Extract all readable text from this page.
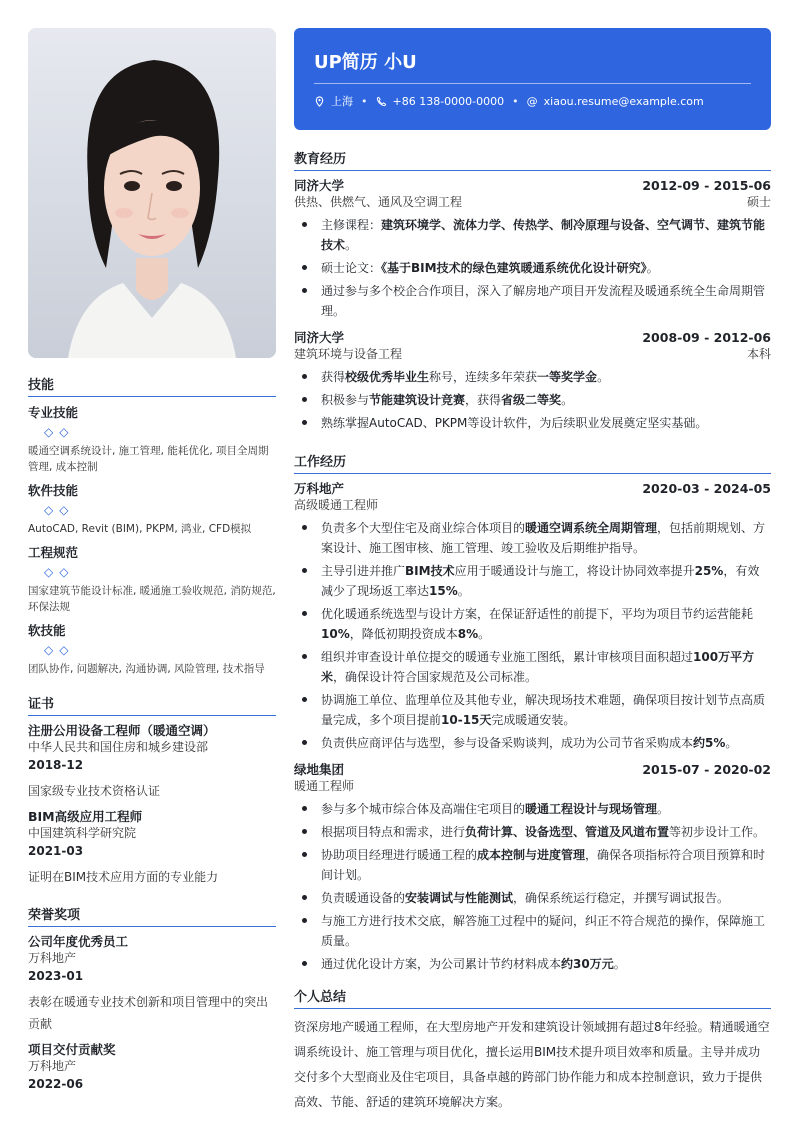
技能
专业技能
◇ ◇
暖通空调系统设计, 施工管理, 能耗优化, 项目全周期管理, 成本控制
软件技能
◇ ◇
AutoCAD, Revit (BIM), PKPM, 鸿业, CFD模拟
工程规范
◇ ◇
国家建筑节能设计标准, 暖通施工验收规范, 消防规范, 环保法规
软技能
◇ ◇
团队协作, 问题解决, 沟通协调, 风险管理, 技术指导
证书
注册公用设备工程师（暖通空调）
中华人民共和国住房和城乡建设部
2018-12
国家级专业技术资格认证
BIM高级应用工程师
中国建筑科学研究院
2021-03
证明在BIM技术应用方面的专业能力
荣誉奖项
公司年度优秀员工
万科地产
2023-01
表彰在暖通专业技术创新和项目管理中的突出贡献
项目交付贡献奖
万科地产
2022-06
UP简历 小U
上海 • +86 138-0000-0000 • @ xiaou.resume@example.com
教育经历
同济大学	2012-09 - 2015-06
供热、供燃气、通风及空调工程	硕士
主修课程：建筑环境学、流体力学、传热学、制冷原理与设备、空气调节、建筑节能技术。
硕士论文：《基于BIM技术的绿色建筑暖通系统优化设计研究》。
通过参与多个校企合作项目，深入了解房地产项目开发流程及暖通系统全生命周期管理。
同济大学	2008-09 - 2012-06
建筑环境与设备工程	本科
获得校级优秀毕业生称号，连续多年荣获一等奖学金。
积极参与节能建筑设计竞赛，获得省级二等奖。
熟练掌握AutoCAD、PKPM等设计软件，为后续职业发展奠定坚实基础。
工作经历
万科地产	2020-03 - 2024-05
高级暖通工程师
负责多个大型住宅及商业综合体项目的暖通空调系统全周期管理，包括前期规划、方案设计、施工图审核、施工管理、竣工验收及后期维护指导。
主导引进并推广BIM技术应用于暖通设计与施工，将设计协同效率提升25%，有效减少了现场返工率达15%。
优化暖通系统选型与设计方案，在保证舒适性的前提下，平均为项目节约运营能耗10%，降低初期投资成本8%。
组织并审查设计单位提交的暖通专业施工图纸，累计审核项目面积超过100万平方米，确保设计符合国家规范及公司标准。
协调施工单位、监理单位及其他专业，解决现场技术难题，确保项目按计划节点高质量完成，多个项目提前10-15天完成暖通安装。
负责供应商评估与选型，参与设备采购谈判，成功为公司节省采购成本约5%。
绿地集团	2015-07 - 2020-02
暖通工程师
参与多个城市综合体及高端住宅项目的暖通工程设计与现场管理。
根据项目特点和需求，进行负荷计算、设备选型、管道及风道布置等初步设计工作。
协助项目经理进行暖通工程的成本控制与进度管理，确保各项指标符合项目预算和时间计划。
负责暖通设备的安装调试与性能测试，确保系统运行稳定，并撰写调试报告。
与施工方进行技术交底，解答施工过程中的疑问，纠正不符合规范的操作，保障施工质量。
通过优化设计方案，为公司累计节约材料成本约30万元。
个人总结
资深房地产暖通工程师，在大型房地产开发和建筑设计领域拥有超过8年经验。精通暖通空调系统设计、施工管理与项目优化，擅长运用BIM技术提升项目效率和质量。主导并成功交付多个大型商业及住宅项目，具备卓越的跨部门协作能力和成本控制意识，致力于提供高效、节能、舒适的建筑环境解决方案。
